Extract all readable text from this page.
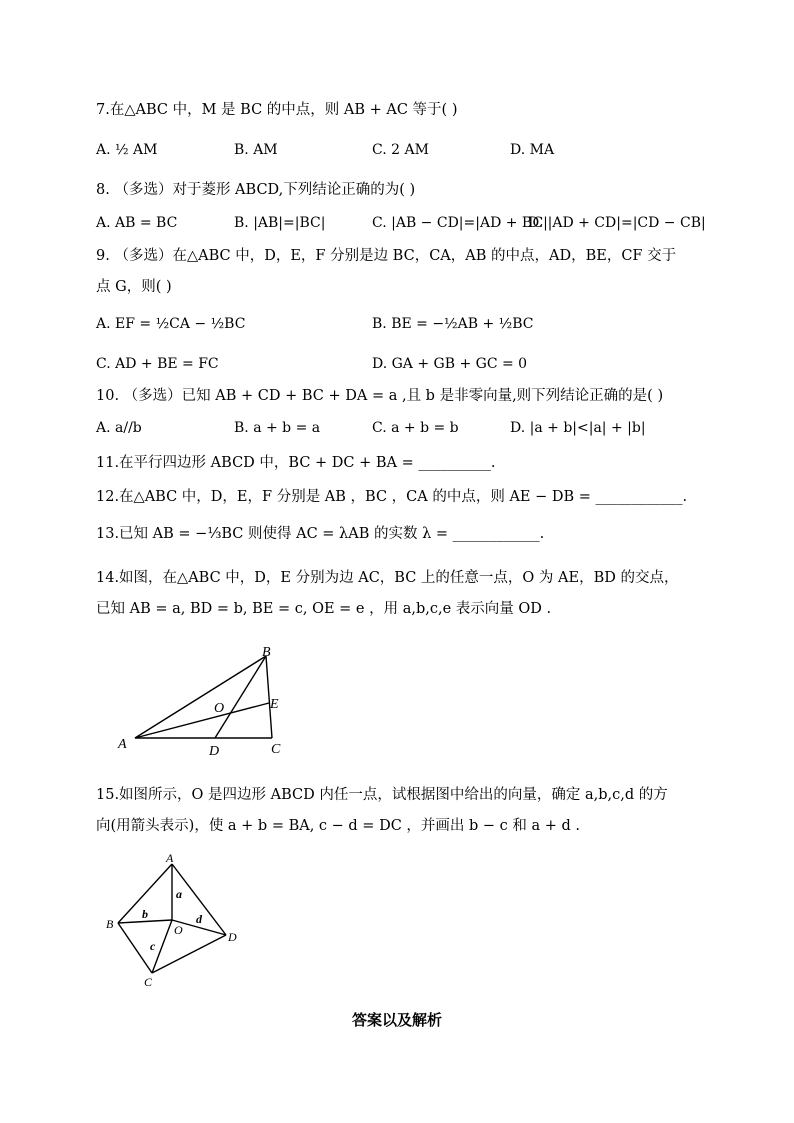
7.在△ABC 中，M 是 BC 的中点，则 AB + AC 等于( )
A. ½ AM	B. AM	C. 2 AM	D. MA
8. （多选）对于菱形 ABCD,下列结论正确的为( )
A. AB = BC	B. |AB|=|BC|	C. |AB − CD|=|AD + BC|
D. |AD + CD|=|CD − CB|
9. （多选）在△ABC 中，D，E，F 分别是边 BC，CA，AB 的中点，AD，BE，CF 交于
点 G，则( )
A. EF = ½CA − ½BC	B. BE = −½AB + ½BC
C. AD + BE = FC	D. GA + GB + GC = 0
10. （多选）已知 AB + CD + BC + DA = a ,且 b 是非零向量,则下列结论正确的是( )
A. a//b	B. a + b = a	C. a + b = b	D. |a + b|<|a| + |b|
11.在平行四边形 ABCD 中，BC + DC + BA = __________.
12.在△ABC 中，D，E，F 分别是 AB ，BC ，CA 的中点，则 AE − DB = ____________.
13.已知 AB = −⅓BC 则使得 AC = λAB 的实数 λ = ____________.
14.如图，在△ABC 中，D，E 分别为边 AC，BC 上的任意一点，O 为 AE，BD 的交点，
已知 AB = a, BD = b, BE = c, OE = e ，用 a,b,c,e 表示向量 OD .
B
E
O
A	D	C
15.如图所示，O 是四边形 ABCD 内任一点，试根据图中给出的向量，确定 a,b,c,d 的方
向(用箭头表示)，使 a + b = BA, c − d = DC ，并画出 b − c 和 a + d .
A
a
B
b
O
d
D
c
C
答案以及解析
